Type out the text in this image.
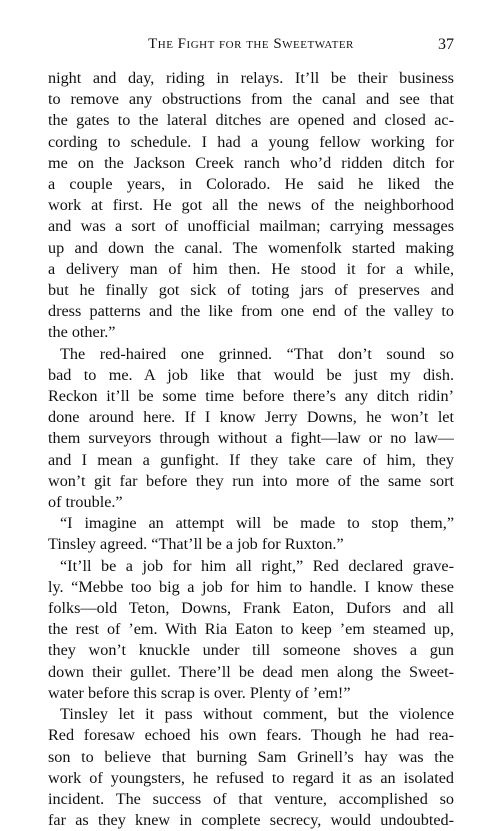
The Fight for the Sweetwater	37
night and day, riding in relays. It’ll be their business
to remove any obstructions from the canal and see that
the gates to the lateral ditches are opened and closed ac-
cording to schedule. I had a young fellow working for
me on the Jackson Creek ranch who’d ridden ditch for
a couple years, in Colorado. He said he liked the
work at first. He got all the news of the neighborhood
and was a sort of unofficial mailman; carrying messages
up and down the canal. The womenfolk started making
a delivery man of him then. He stood it for a while,
but he finally got sick of toting jars of preserves and
dress patterns and the like from one end of the valley to
the other.”
The red-haired one grinned. “That don’t sound so
bad to me. A job like that would be just my dish.
Reckon it’ll be some time before there’s any ditch ridin’
done around here. If I know Jerry Downs, he won’t let
them surveyors through without a fight—law or no law—
and I mean a gunfight. If they take care of him, they
won’t git far before they run into more of the same sort
of trouble.”
“I imagine an attempt will be made to stop them,”
Tinsley agreed. “That’ll be a job for Ruxton.”
“It’ll be a job for him all right,” Red declared grave-
ly. “Mebbe too big a job for him to handle. I know these
folks—old Teton, Downs, Frank Eaton, Dufors and all
the rest of ’em. With Ria Eaton to keep ’em steamed up,
they won’t knuckle under till someone shoves a gun
down their gullet. There’ll be dead men along the Sweet-
water before this scrap is over. Plenty of ’em!”
Tinsley let it pass without comment, but the violence
Red foresaw echoed his own fears. Though he had rea-
son to believe that burning Sam Grinell’s hay was the
work of youngsters, he refused to regard it as an isolated
incident. The success of that venture, accomplished so
far as they knew in complete secrecy, would undoubted-
